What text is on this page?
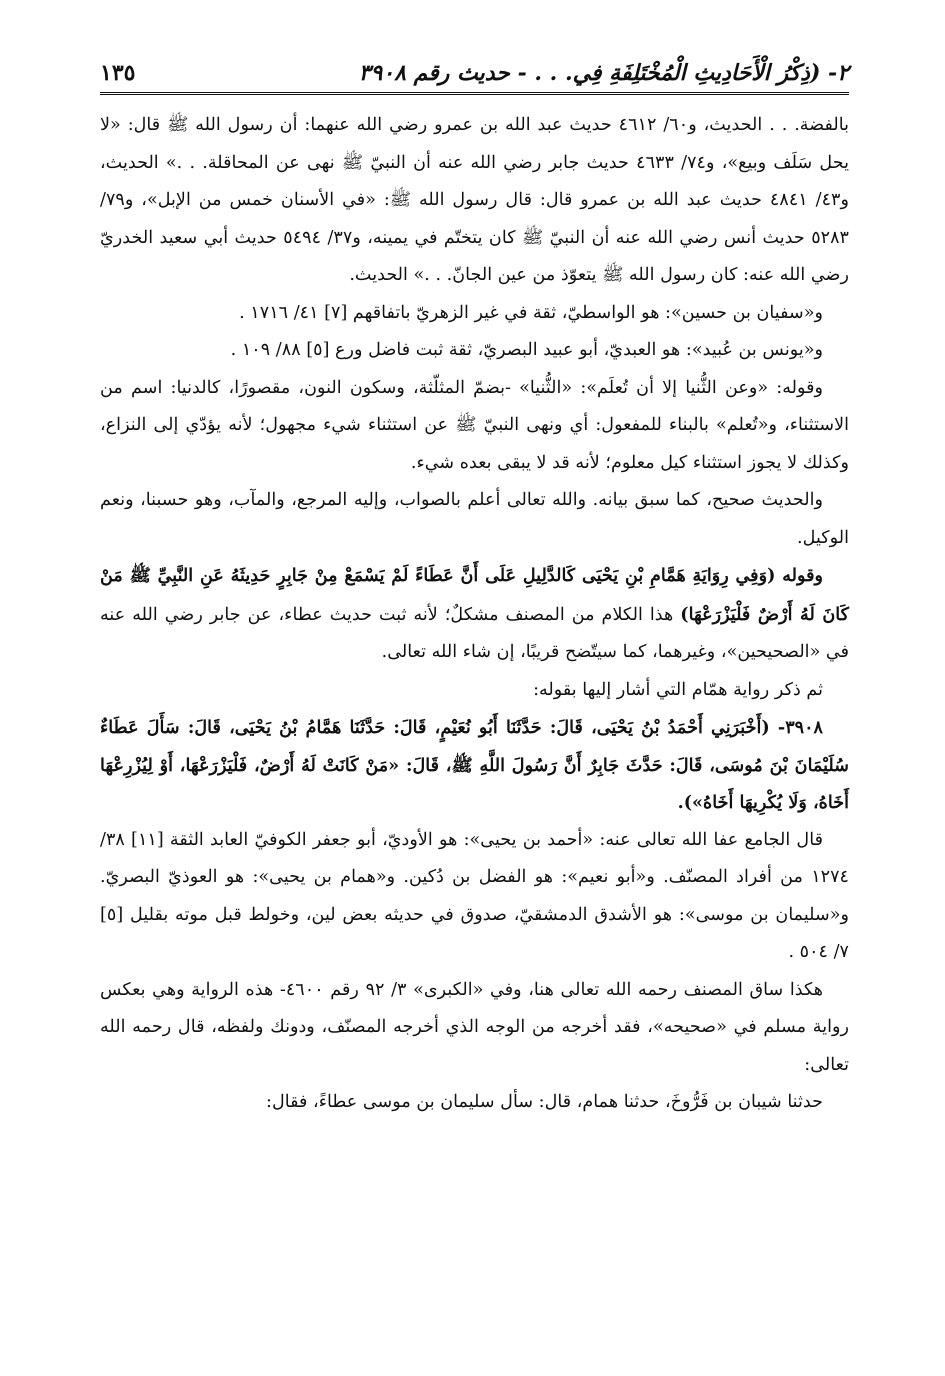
٢- (ذِكْرُ الْأَحَادِيثِ الْمُخْتَلِفَةِ فِي. . . - حديث رقم ٣٩٠٨
١٣٥

بالفضة. . . الحديث، و٦٠/ ٤٦١٢ حديث عبد الله بن عمرو رضي الله عنهما: أن رسول الله ﷺ قال: «لا يحل سَلَف وبيع»، و٧٤/ ٤٦٣٣ حديث جابر رضي الله عنه أن النبيّ ﷺ نهى عن المحاقلة. . .» الحديث، و٤٣/ ٤٨٤١ حديث عبد الله بن عمرو قال: قال رسول الله ﷺ: «في الأسنان خمس من الإبل»، و٧٩/ ٥٢٨٣ حديث أنس رضي الله عنه أن النبيّ ﷺ كان يتختّم في يمينه، و٣٧/ ٥٤٩٤ حديث أبي سعيد الخدريّ رضي الله عنه: كان رسول الله ﷺ يتعوّذ من عين الجانّ. . .» الحديث.

و«سفيان بن حسين»: هو الواسطيّ، ثقة في غير الزهريّ باتفاقهم [٧] ٤١/ ١٧١٦ .

و«يونس بن عُبيد»: هو العبديّ، أبو عبيد البصريّ، ثقة ثبت فاضل ورع [٥] ٨٨/ ١٠٩ .

وقوله: «وعن الثُّنيا إلا أن تُعلَم»: «الثُّنيا» -بضمّ المثلّثة، وسكون النون، مقصورًا، كالدنيا: اسم من الاستثناء، و«تُعلم» بالبناء للمفعول: أي ونهى النبيّ ﷺ عن استثناء شيء مجهول؛ لأنه يؤدّي إلى النزاع، وكذلك لا يجوز استثناء كيل معلوم؛ لأنه قد لا يبقى بعده شيء.

والحديث صحيح، كما سبق بيانه. والله تعالى أعلم بالصواب، وإليه المرجع، والمآب، وهو حسبنا، ونعم الوكيل.

وقوله (وَفِي رِوَايَةِ هَمَّامِ بْنِ يَحْيَى كَالدَّلِيلِ عَلَى أَنَّ عَطَاءً لَمْ يَسْمَعْ مِنْ جَابِرٍ حَدِيثَهُ عَنِ النَّبِيِّ ﷺ مَنْ كَانَ لَهُ أَرْضٌ فَلْيَزْرَعْهَا) هذا الكلام من المصنف مشكلٌ؛ لأنه ثبت حديث عطاء، عن جابر رضي الله عنه في «الصحيحين»، وغيرهما، كما سيتّضح قريبًا، إن شاء الله تعالى.

ثم ذكر رواية همّام التي أشار إليها بقوله:

٣٩٠٨- (أَخْبَرَنِي أَحْمَدُ بْنُ يَحْيَى، قَالَ: حَدَّثَنَا أَبُو نُعَيْمٍ، قَالَ: حَدَّثَنَا هَمَّامُ بْنُ يَحْيَى، قَالَ: سَأَلَ عَطَاءٌ سُلَيْمَانَ بْنَ مُوسَى، قَالَ: حَدَّثَ جَابِرٌ أَنَّ رَسُولَ اللَّهِ ﷺ، قَالَ: «مَنْ كَانَتْ لَهُ أَرْضٌ، فَلْيَزْرَعْهَا، أَوْ لِيُزْرِعْهَا أَخَاهُ، وَلَا يُكْرِيهَا أَخَاهُ»).

قال الجامع عفا الله تعالى عنه: «أحمد بن يحيى»: هو الأوديّ، أبو جعفر الكوفيّ العابد الثقة [١١] ٣٨/ ١٢٧٤ من أفراد المصنّف. و«أبو نعيم»: هو الفضل بن دُكين. و«همام بن يحيى»: هو العوذيّ البصريّ. و«سليمان بن موسى»: هو الأشدق الدمشقيّ، صدوق في حديثه بعض لين، وخولط قبل موته بقليل [٥] ٧/ ٥٠٤ .

هكذا ساق المصنف رحمه الله تعالى هنا، وفي «الكبرى» ٣/ ٩٢ رقم ٤٦٠٠- هذه الرواية وهي بعكس رواية مسلم في «صحيحه»، فقد أخرجه من الوجه الذي أخرجه المصنّف، ودونك ولفظه، قال رحمه الله تعالى:

حدثنا شيبان بن فَرُّوخَ، حدثنا همام، قال: سأل سليمان بن موسى عطاءً، فقال:
